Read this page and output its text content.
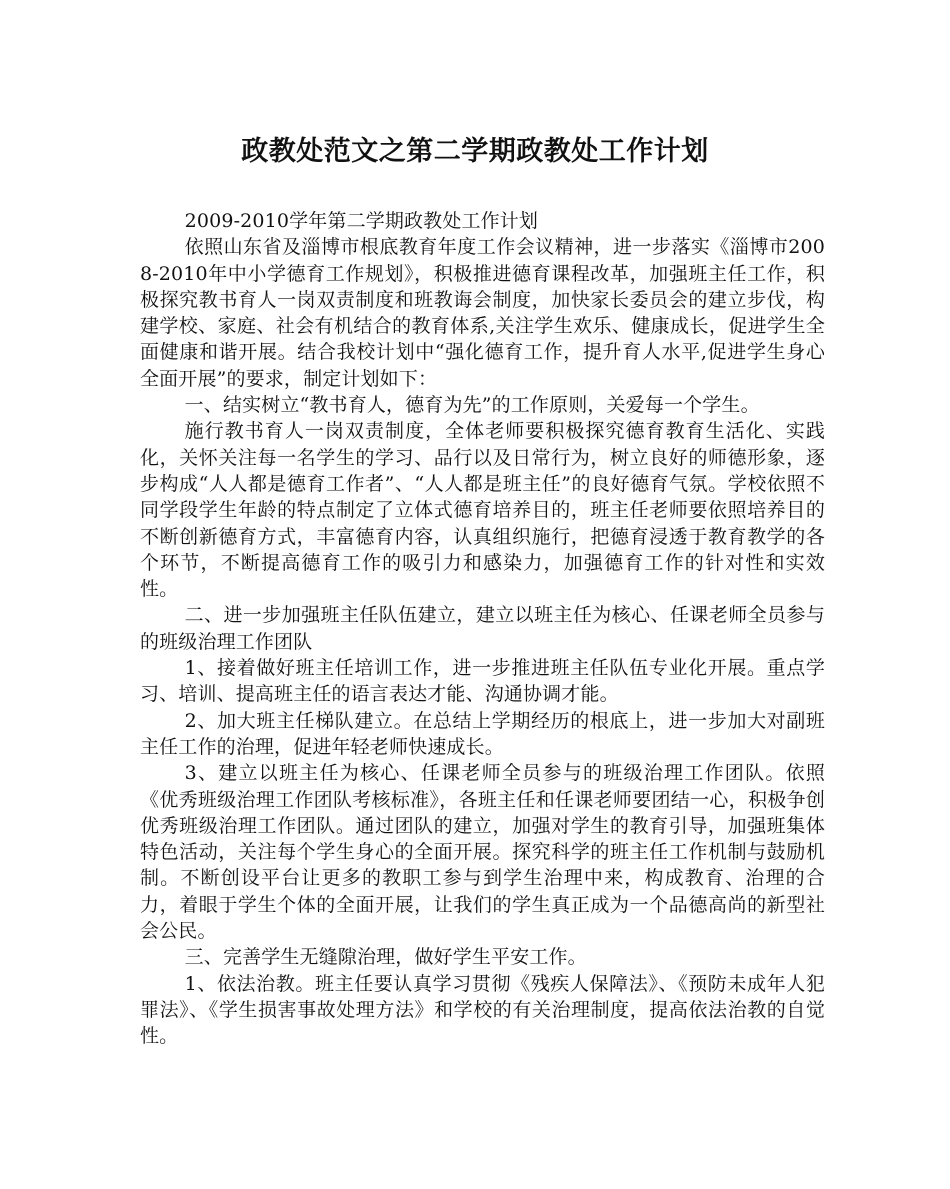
政教处范文之第二学期政教处工作计划

2009-2010学年第二学期政教处工作计划

依照山东省及淄博市根底教育年度工作会议精神，进一步落实《淄博市2008-2010年中小学德育工作规划》，积极推进德育课程改革，加强班主任工作，积极探究教书育人一岗双责制度和班教诲会制度，加快家长委员会的建立步伐，构建学校、家庭、社会有机结合的教育体系,关注学生欢乐、健康成长，促进学生全面健康和谐开展。结合我校计划中“强化德育工作，提升育人水平,促进学生身心全面开展”的要求，制定计划如下：

一、结实树立“教书育人，德育为先”的工作原则，关爱每一个学生。

施行教书育人一岗双责制度，全体老师要积极探究德育教育生活化、实践化，关怀关注每一名学生的学习、品行以及日常行为，树立良好的师德形象，逐步构成“人人都是德育工作者”、“人人都是班主任”的良好德育气氛。学校依照不同学段学生年龄的特点制定了立体式德育培养目的，班主任老师要依照培养目的不断创新德育方式，丰富德育内容，认真组织施行，把德育浸透于教育教学的各个环节，不断提高德育工作的吸引力和感染力，加强德育工作的针对性和实效性。

二、进一步加强班主任队伍建立，建立以班主任为核心、任课老师全员参与的班级治理工作团队

1、接着做好班主任培训工作，进一步推进班主任队伍专业化开展。重点学习、培训、提高班主任的语言表达才能、沟通协调才能。

2、加大班主任梯队建立。在总结上学期经历的根底上，进一步加大对副班主任工作的治理，促进年轻老师快速成长。

3、建立以班主任为核心、任课老师全员参与的班级治理工作团队。依照《优秀班级治理工作团队考核标准》，各班主任和任课老师要团结一心，积极争创优秀班级治理工作团队。通过团队的建立，加强对学生的教育引导，加强班集体特色活动，关注每个学生身心的全面开展。探究科学的班主任工作机制与鼓励机制。不断创设平台让更多的教职工参与到学生治理中来，构成教育、治理的合力，着眼于学生个体的全面开展，让我们的学生真正成为一个品德高尚的新型社会公民。

三、完善学生无缝隙治理，做好学生平安工作。

1、依法治教。班主任要认真学习贯彻《残疾人保障法》、《预防未成年人犯罪法》、《学生损害事故处理方法》和学校的有关治理制度，提高依法治教的自觉性。
